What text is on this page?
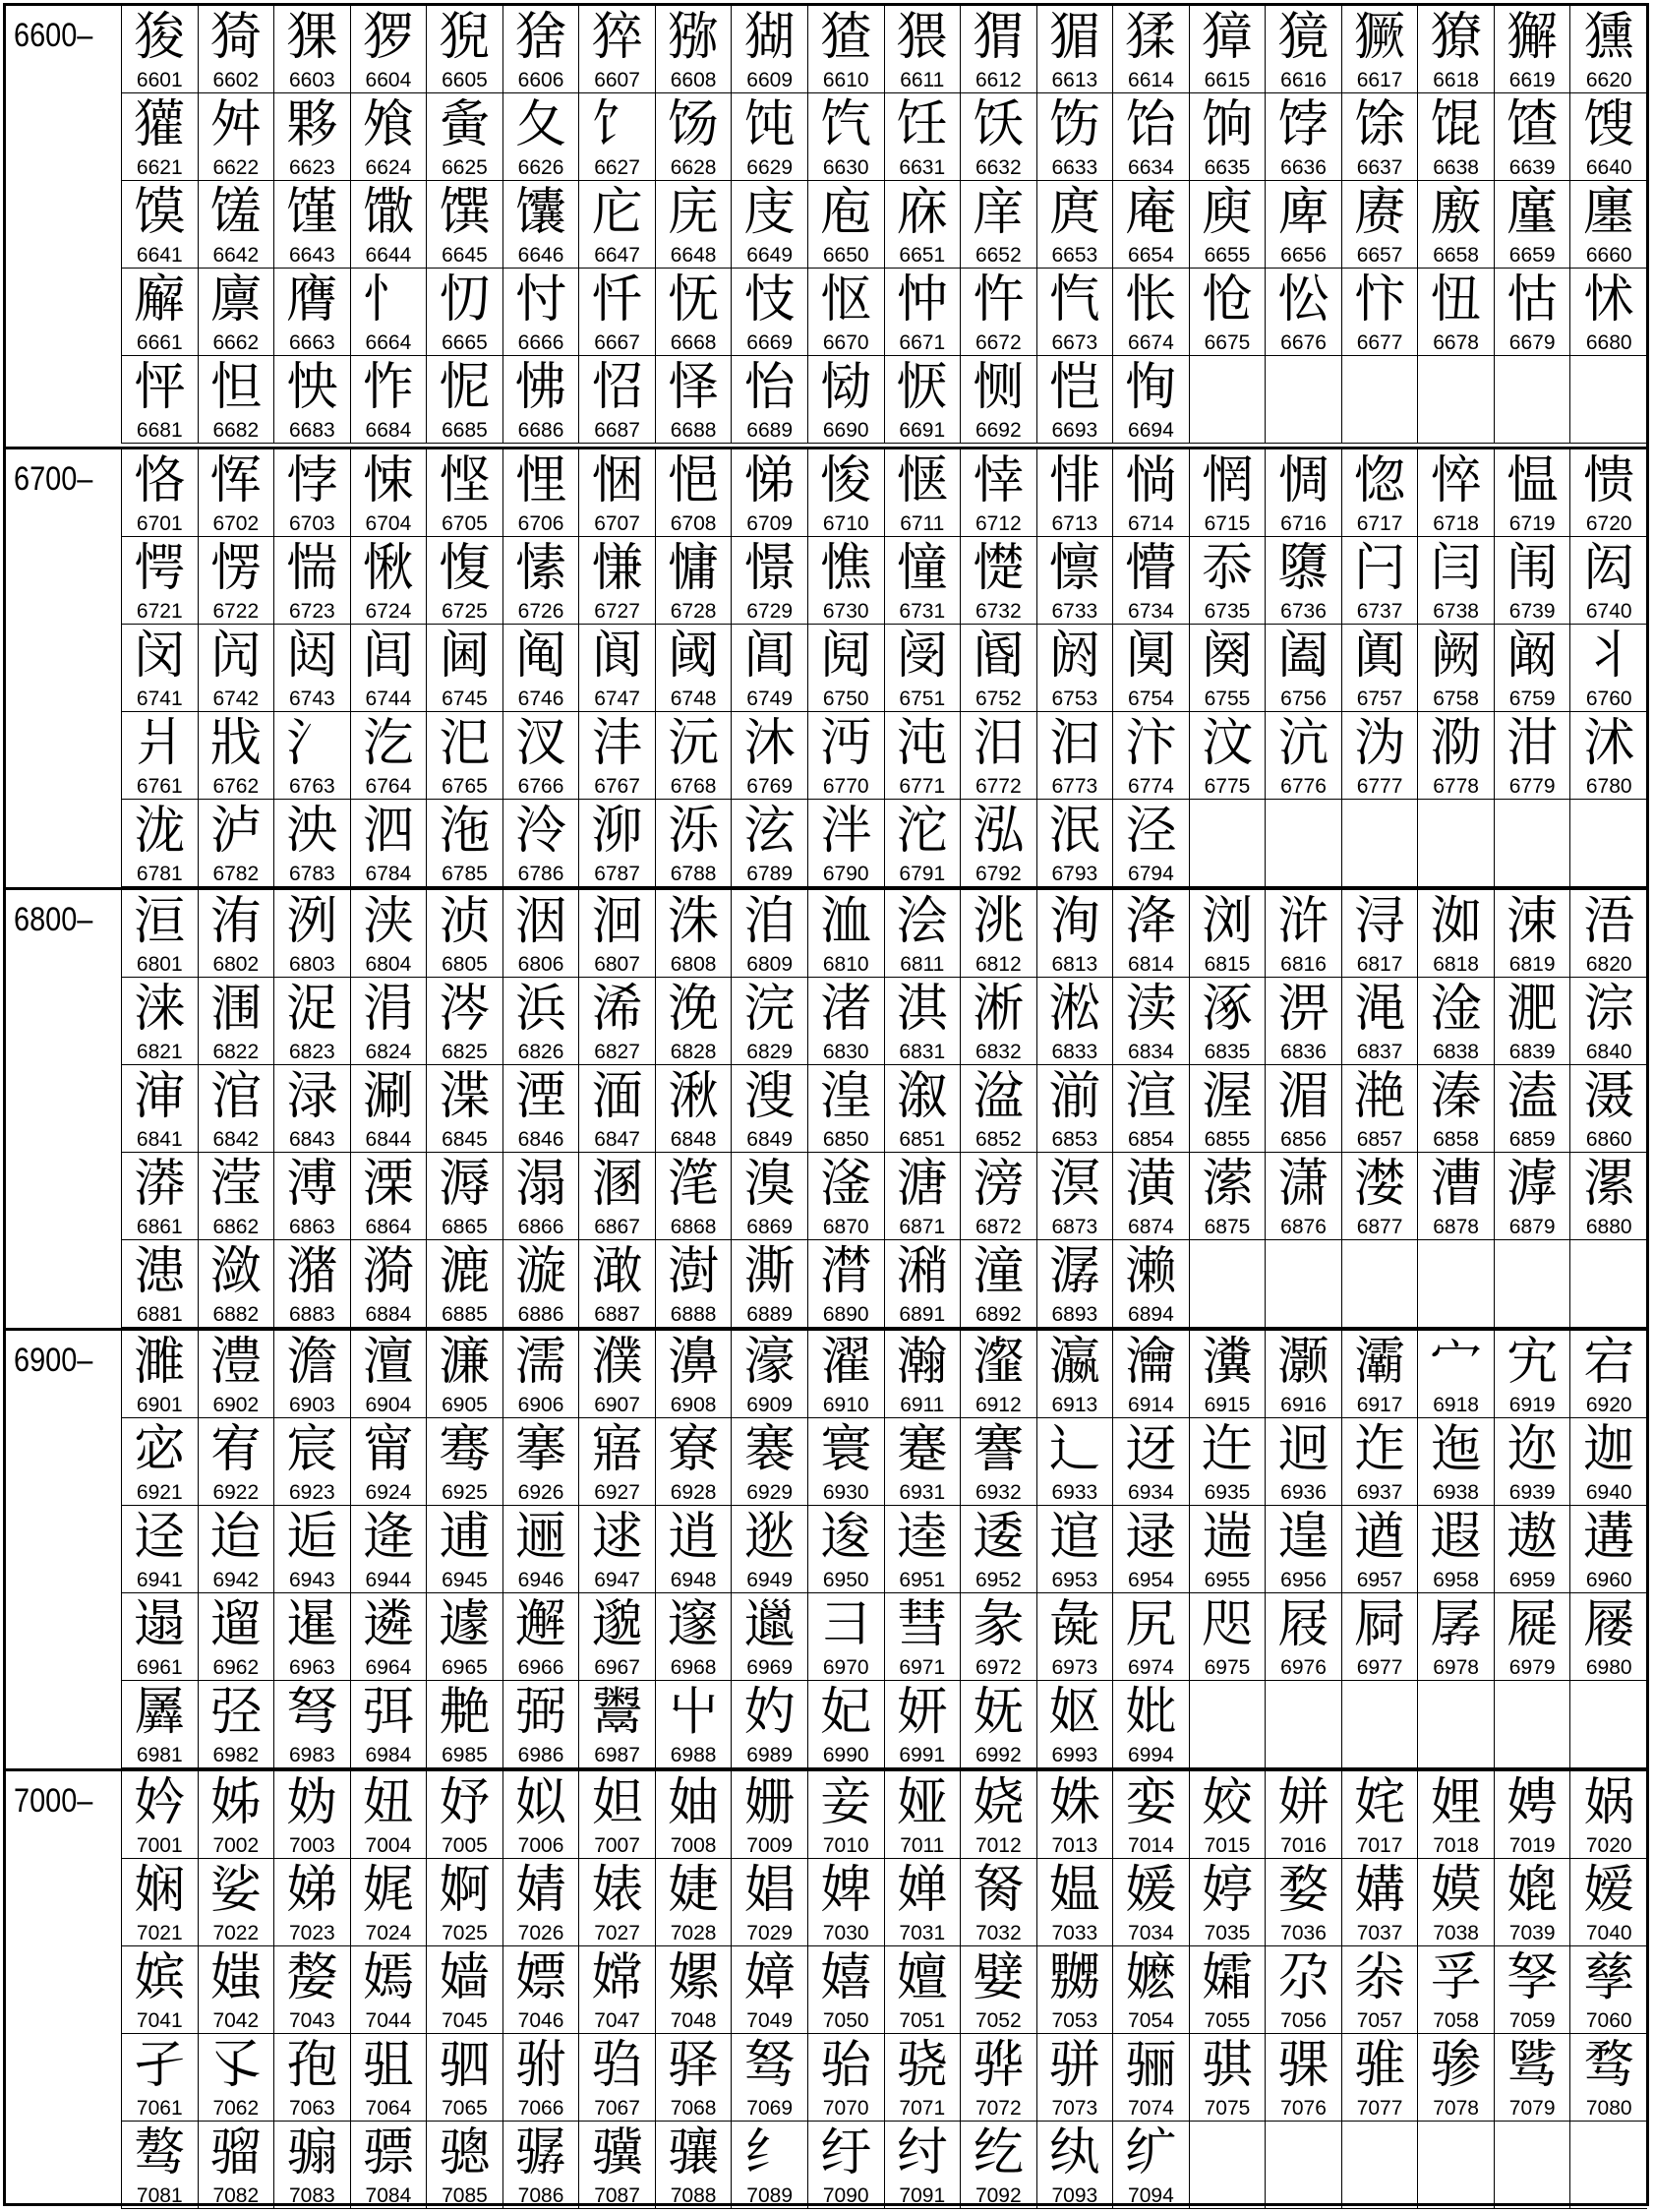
6600– 狻
6601
猗
6602
猓
6603
猡
6604
猊
6605
猞
6606
猝
6607
猕
6608
猢
6609
猹
6610
猥
6611
猬
6612
猸
6613
猱
6614
獐
6615
獍
6616
獗
6617
獠
6618
獬
6619
獯
6620
獾
6621
舛
6622
夥
6623
飧
6624
夤
6625
夂
6626
饣
6627
饧
6628
饨
6629
饩
6630
饪
6631
饫
6632
饬
6633
饴
6634
饷
6635
饽
6636
馀
6637
馄
6638
馇
6639
馊
6640
馍
6641
馐
6642
馑
6643
馓
6644
馔
6645
馕
6646
庀
6647
庑
6648
庋
6649
庖
6650
庥
6651
庠
6652
庹
6653
庵
6654
庾
6655
庳
6656
赓
6657
廒
6658
廑
6659
廛
6660
廨
6661
廪
6662
膺
6663
忄
6664
忉
6665
忖
6666
忏
6667
怃
6668
忮
6669
怄
6670
忡
6671
忤
6672
忾
6673
怅
6674
怆
6675
忪
6676
忭
6677
忸
6678
怙
6679
怵
6680
怦
6681
怛
6682
怏
6683
怍
6684
怩
6685
怫
6686
怊
6687
怿
6688
怡
6689
恸
6690
恹
6691
恻
6692
恺
6693
恂
6694
6700– 恪
6701
恽
6702
悖
6703
悚
6704
悭
6705
悝
6706
悃
6707
悒
6708
悌
6709
悛
6710
惬
6711
悻
6712
悱
6713
惝
6714
惘
6715
惆
6716
惚
6717
悴
6718
愠
6719
愦
6720
愕
6721
愣
6722
惴
6723
愀
6724
愎
6725
愫
6726
慊
6727
慵
6728
憬
6729
憔
6730
憧
6731
憷
6732
懔
6733
懵
6734
忝
6735
隳
6736
闩
6737
闫
6738
闱
6739
闳
6740
闵
6741
闶
6742
闼
6743
闾
6744
阃
6745
阄
6746
阆
6747
阈
6748
阊
6749
阋
6750
阌
6751
阍
6752
阏
6753
阒
6754
阕
6755
阖
6756
阗
6757
阙
6758
阚
6759
丬
6760
爿
6761
戕
6762
氵
6763
汔
6764
汜
6765
汊
6766
沣
6767
沅
6768
沐
6769
沔
6770
沌
6771
汨
6772
汩
6773
汴
6774
汶
6775
沆
6776
沩
6777
泐
6778
泔
6779
沭
6780
泷
6781
泸
6782
泱
6783
泗
6784
沲
6785
泠
6786
泖
6787
泺
6788
泫
6789
泮
6790
沱
6791
泓
6792
泯
6793
泾
6794
6800– 洹
6801
洧
6802
洌
6803
浃
6804
浈
6805
洇
6806
洄
6807
洙
6808
洎
6809
洫
6810
浍
6811
洮
6812
洵
6813
洚
6814
浏
6815
浒
6816
浔
6817
洳
6818
涑
6819
浯
6820
涞
6821
涠
6822
浞
6823
涓
6824
涔
6825
浜
6826
浠
6827
浼
6828
浣
6829
渚
6830
淇
6831
淅
6832
淞
6833
渎
6834
涿
6835
淠
6836
渑
6837
淦
6838
淝
6839
淙
6840
渖
6841
涫
6842
渌
6843
涮
6844
渫
6845
湮
6846
湎
6847
湫
6848
溲
6849
湟
6850
溆
6851
湓
6852
湔
6853
渲
6854
渥
6855
湄
6856
滟
6857
溱
6858
溘
6859
滠
6860
漭
6861
滢
6862
溥
6863
溧
6864
溽
6865
溻
6866
溷
6867
滗
6868
溴
6869
滏
6870
溏
6871
滂
6872
溟
6873
潢
6874
潆
6875
潇
6876
漤
6877
漕
6878
滹
6879
漯
6880
漶
6881
潋
6882
潴
6883
漪
6884
漉
6885
漩
6886
澉
6887
澍
6888
澌
6889
潸
6890
潲
6891
潼
6892
潺
6893
濑
6894
6900– 濉
6901
澧
6902
澹
6903
澶
6904
濂
6905
濡
6906
濮
6907
濞
6908
濠
6909
濯
6910
瀚
6911
瀣
6912
瀛
6913
瀹
6914
瀵
6915
灏
6916
灞
6917
宀
6918
宄
6919
宕
6920
宓
6921
宥
6922
宸
6923
甯
6924
骞
6925
搴
6926
寤
6927
寮
6928
褰
6929
寰
6930
蹇
6931
謇
6932
辶
6933
迓
6934
迕
6935
迥
6936
迮
6937
迤
6938
迩
6939
迦
6940
迳
6941
迨
6942
逅
6943
逄
6944
逋
6945
逦
6946
逑
6947
逍
6948
逖
6949
逡
6950
逵
6951
逶
6952
逭
6953
逯
6954
遄
6955
遑
6956
遒
6957
遐
6958
遨
6959
遘
6960
遢
6961
遛
6962
暹
6963
遴
6964
遽
6965
邂
6966
邈
6967
邃
6968
邋
6969
彐
6970
彗
6971
彖
6972
彘
6973
尻
6974
咫
6975
屐
6976
屙
6977
孱
6978
屣
6979
屦
6980
羼
6981
弪
6982
弩
6983
弭
6984
艴
6985
弼
6986
鬻
6987
屮
6988
妁
6989
妃
6990
妍
6991
妩
6992
妪
6993
妣
6994
7000– 妗
7001
姊
7002
妫
7003
妞
7004
妤
7005
姒
7006
妲
7007
妯
7008
姗
7009
妾
7010
娅
7011
娆
7012
姝
7013
娈
7014
姣
7015
姘
7016
姹
7017
娌
7018
娉
7019
娲
7020
娴
7021
娑
7022
娣
7023
娓
7024
婀
7025
婧
7026
婊
7027
婕
7028
娼
7029
婢
7030
婵
7031
胬
7032
媪
7033
媛
7034
婷
7035
婺
7036
媾
7037
嫫
7038
媲
7039
嫒
7040
嫔
7041
媸
7042
嫠
7043
嫣
7044
嫱
7045
嫖
7046
嫦
7047
嫘
7048
嫜
7049
嬉
7050
嬗
7051
嬖
7052
嬲
7053
嬷
7054
孀
7055
尕
7056
尜
7057
孚
7058
孥
7059
孳
7060
孑
7061
孓
7062
孢
7063
驵
7064
驷
7065
驸
7066
驺
7067
驿
7068
驽
7069
骀
7070
骁
7071
骅
7072
骈
7073
骊
7074
骐
7075
骒
7076
骓
7077
骖
7078
骘
7079
骛
7080
骜
7081
骝
7082
骟
7083
骠
7084
骢
7085
骣
7086
骥
7087
骧
7088
纟
7089
纡
7090
纣
7091
纥
7092
纨
7093
纩
7094
